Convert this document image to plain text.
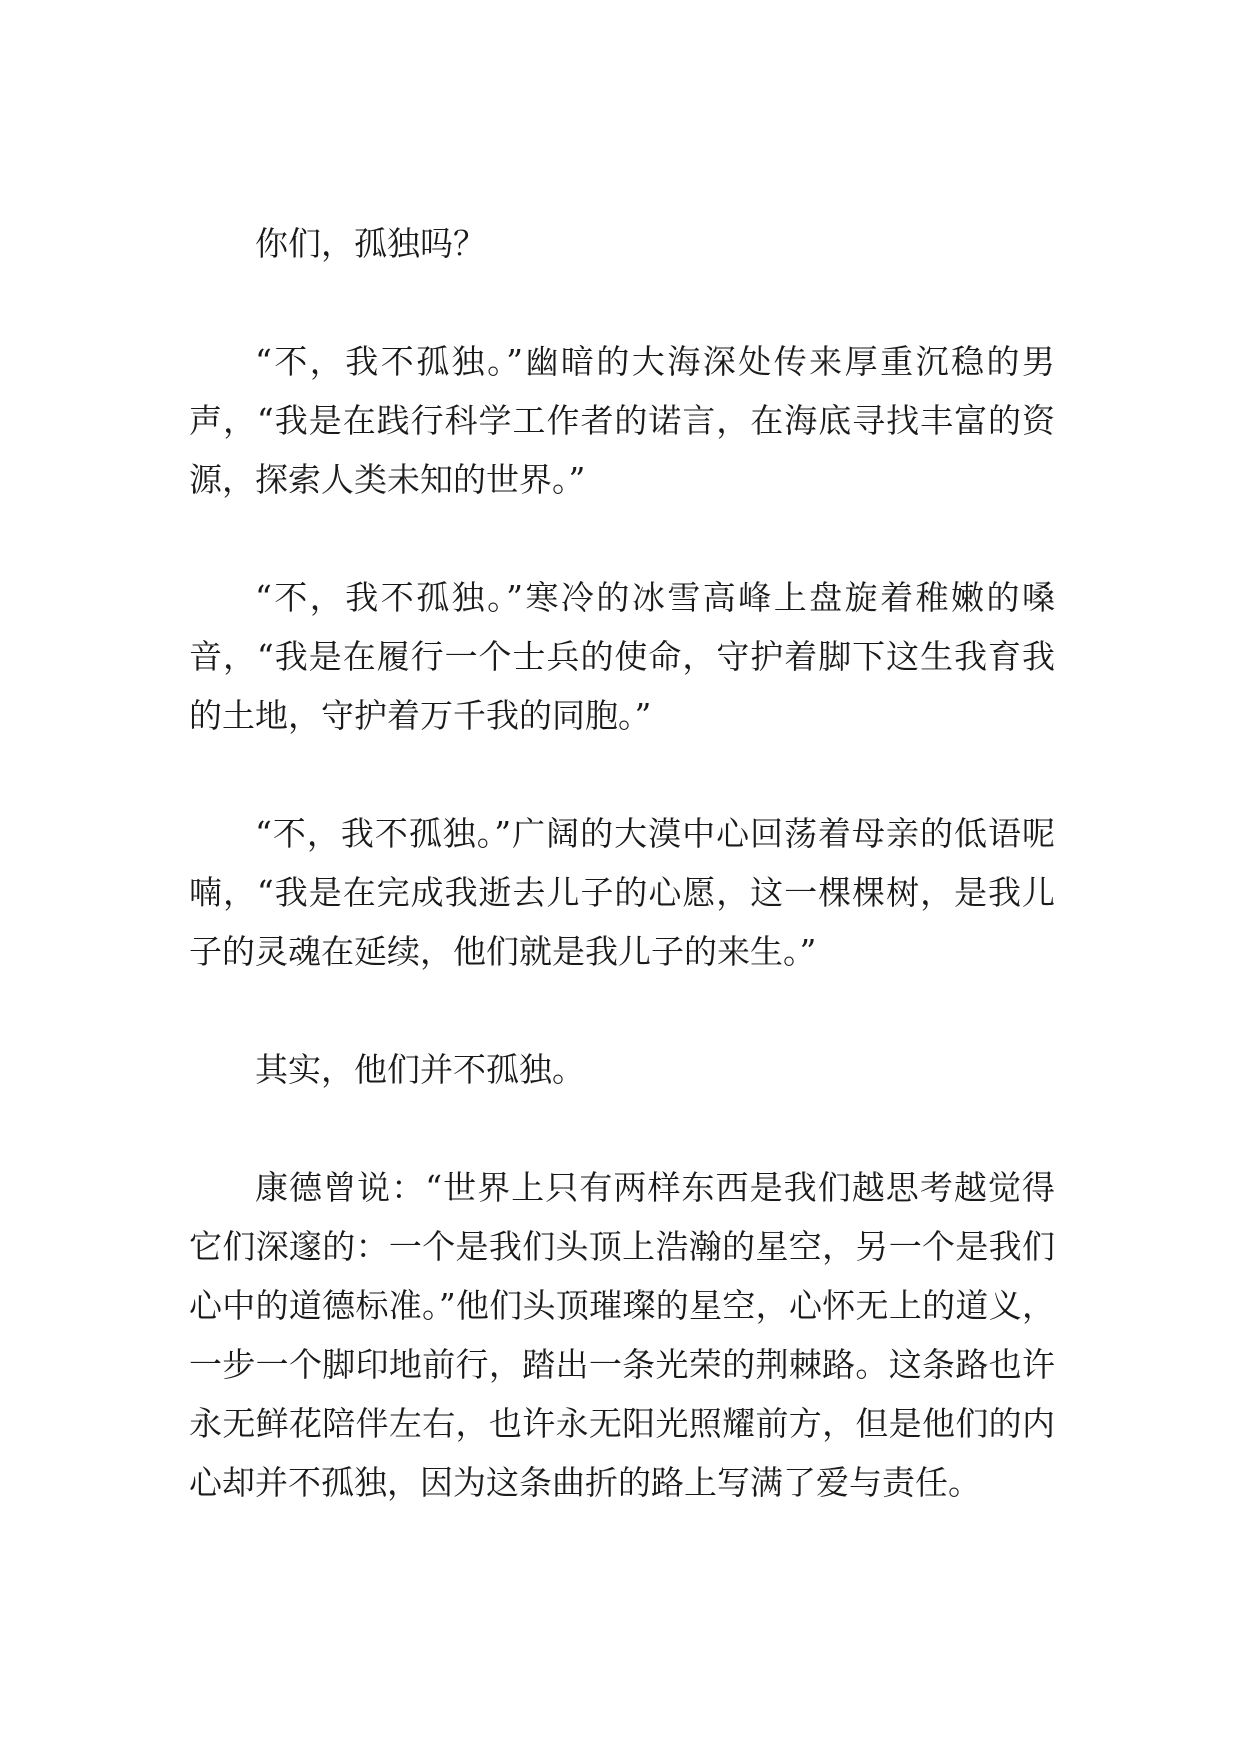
你们，孤独吗？

“不，我不孤独。”幽暗的大海深处传来厚重沉稳的男声，“我是在践行科学工作者的诺言，在海底寻找丰富的资源，探索人类未知的世界。”

“不，我不孤独。”寒冷的冰雪高峰上盘旋着稚嫩的嗓音，“我是在履行一个士兵的使命，守护着脚下这生我育我的土地，守护着万千我的同胞。”

“不，我不孤独。”广阔的大漠中心回荡着母亲的低语呢喃，“我是在完成我逝去儿子的心愿，这一棵棵树，是我儿子的灵魂在延续，他们就是我儿子的来生。”

其实，他们并不孤独。

康德曾说：“世界上只有两样东西是我们越思考越觉得它们深邃的：一个是我们头顶上浩瀚的星空，另一个是我们心中的道德标准。”他们头顶璀璨的星空，心怀无上的道义，一步一个脚印地前行，踏出一条光荣的荆棘路。这条路也许永无鲜花陪伴左右，也许永无阳光照耀前方，但是他们的内心却并不孤独，因为这条曲折的路上写满了爱与责任。
